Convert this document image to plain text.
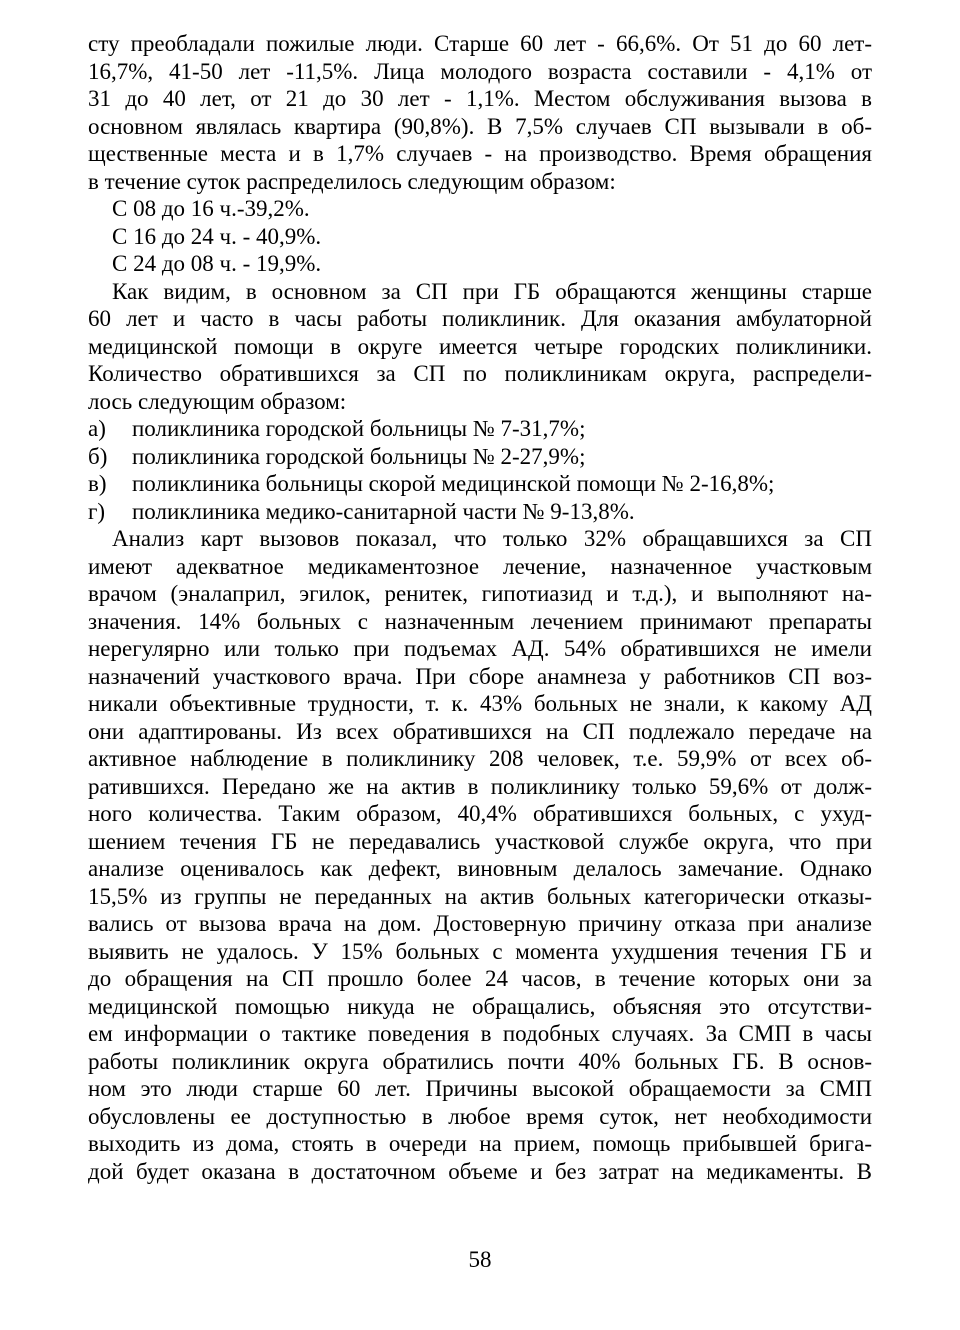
сту преобладали пожилые люди. Старше 60 лет - 66,6%. От 51 до 60 лет-
16,7%, 41-50 лет -11,5%. Лица молодого возраста составили - 4,1% от
31 до 40 лет, от 21 до 30 лет - 1,1%. Местом обслуживания вызова в
основном являлась квартира (90,8%). В 7,5% случаев СП вызывали в об-
щественные места и в 1,7% случаев - на производство. Время обращения
в течение суток распределилось следующим образом:
С 08 до 16 ч.-39,2%.
С 16 до 24 ч. - 40,9%.
С 24 до 08 ч. - 19,9%.
Как видим, в основном за СП при ГБ обращаются женщины старше
60 лет и часто в часы работы поликлиник. Для оказания амбулаторной
медицинской помощи в округе имеется четыре городских поликлиники.
Количество обратившихся за СП по поликлиникам округа, распредели-
лось следующим образом:
а) поликлиника городской больницы № 7-31,7%;
б) поликлиника городской больницы № 2-27,9%;
в) поликлиника больницы скорой медицинской помощи № 2-16,8%;
г) поликлиника медико-санитарной части № 9-13,8%.
Анализ карт вызовов показал, что только 32% обращавшихся за СП
имеют адекватное медикаментозное лечение, назначенное участковым
врачом (эналаприл, эгилок, ренитек, гипотиазид и т.д.), и выполняют на-
значения. 14% больных с назначенным лечением принимают препараты
нерегулярно или только при подъемах АД. 54% обратившихся не имели
назначений участкового врача. При сборе анамнеза у работников СП воз-
никали объективные трудности, т. к. 43% больных не знали, к какому АД
они адаптированы. Из всех обратившихся на СП подлежало передаче на
активное наблюдение в поликлинику 208 человек, т.е. 59,9% от всех об-
ратившихся. Передано же на актив в поликлинику только 59,6% от долж-
ного количества. Таким образом, 40,4% обратившихся больных, с ухуд-
шением течения ГБ не передавались участковой службе округа, что при
анализе оценивалось как дефект, виновным делалось замечание. Однако
15,5% из группы не переданных на актив больных категорически отказы-
вались от вызова врача на дом. Достоверную причину отказа при анализе
выявить не удалось. У 15% больных с момента ухудшения течения ГБ и
до обращения на СП прошло более 24 часов, в течение которых они за
медицинской помощью никуда не обращались, объясняя это отсутстви-
ем информации о тактике поведения в подобных случаях. За СМП в часы
работы поликлиник округа обратились почти 40% больных ГБ. В основ-
ном это люди старше 60 лет. Причины высокой обращаемости за СМП
обусловлены ее доступностью в любое время суток, нет необходимости
выходить из дома, стоять в очереди на прием, помощь прибывшей брига-
дой будет оказана в достаточном объеме и без затрат на медикаменты. В
58
